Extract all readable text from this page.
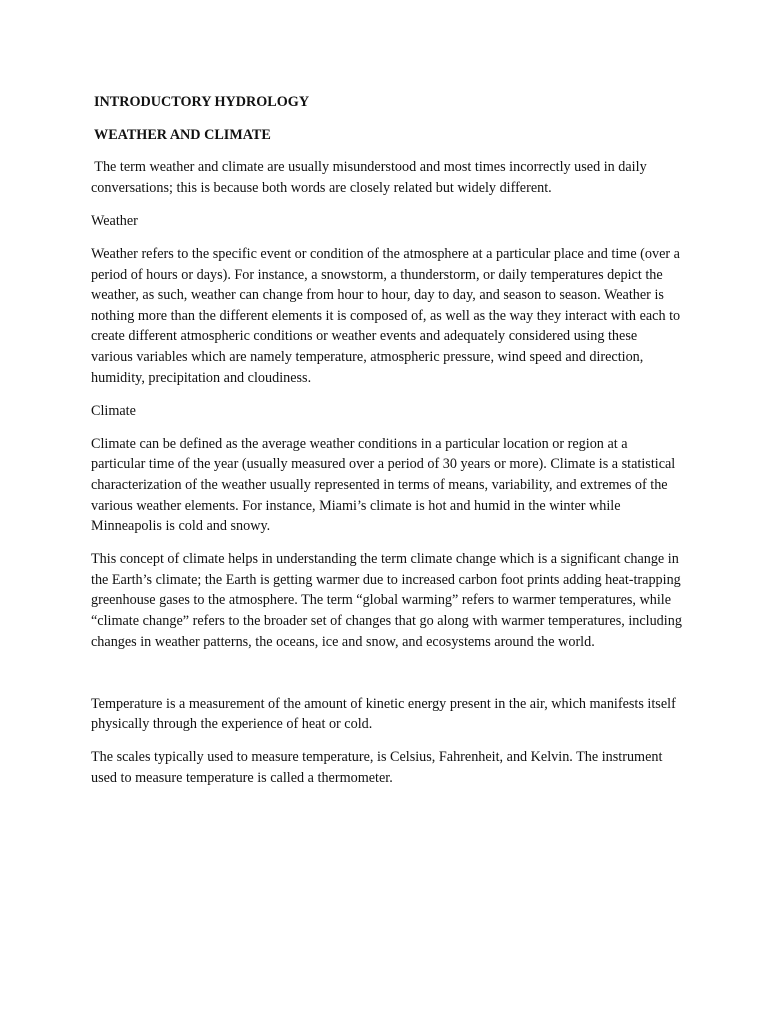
INTRODUCTORY HYDROLOGY
WEATHER AND CLIMATE

The term weather and climate are usually misunderstood and most times incorrectly used in daily conversations; this is because both words are closely related but widely different.

Weather

Weather refers to the specific event or condition of the atmosphere at a particular place and time (over a period of hours or days). For instance, a snowstorm, a thunderstorm, or daily temperatures depict the weather, as such, weather can change from hour to hour, day to day, and season to season. Weather is nothing more than the different elements it is composed of, as well as the way they interact with each to create different atmospheric conditions or weather events and adequately considered using these various variables which are namely temperature, atmospheric pressure, wind speed and direction, humidity, precipitation and cloudiness.

Climate

Climate can be defined as the average weather conditions in a particular location or region at a particular time of the year (usually measured over a period of 30 years or more). Climate is a statistical characterization of the weather usually represented in terms of means, variability, and extremes of the various weather elements. For instance, Miami’s climate is hot and humid in the winter while Minneapolis is cold and snowy.

This concept of climate helps in understanding the term climate change which is a significant change in the Earth’s climate; the Earth is getting warmer due to increased carbon foot prints adding heat-trapping greenhouse gases to the atmosphere. The term “global warming” refers to warmer temperatures, while “climate change” refers to the broader set of changes that go along with warmer temperatures, including changes in weather patterns, the oceans, ice and snow, and ecosystems around the world.

Temperature is a measurement of the amount of kinetic energy present in the air, which manifests itself physically through the experience of heat or cold.

The scales typically used to measure temperature, is Celsius, Fahrenheit, and Kelvin. The instrument used to measure temperature is called a thermometer.
